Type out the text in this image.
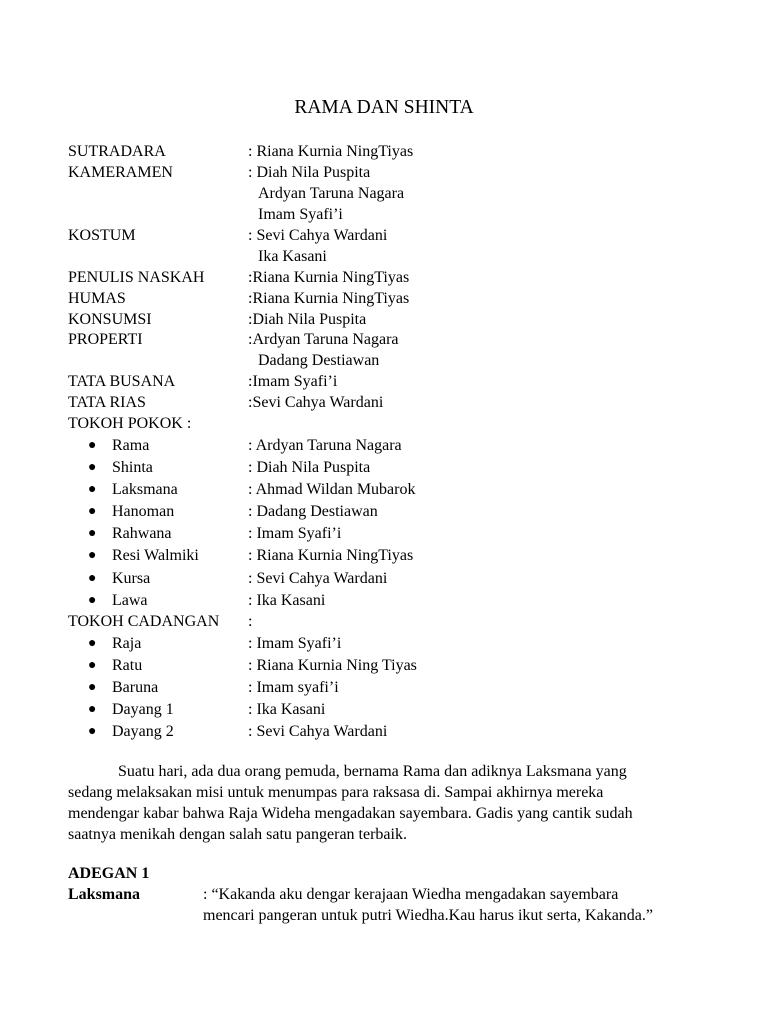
RAMA DAN SHINTA
SUTRADARA	: Riana Kurnia NingTiyas
KAMERAMEN	: Diah Nila Puspita
Ardyan Taruna Nagara
Imam Syafi’i
KOSTUM	: Sevi Cahya Wardani
Ika Kasani
PENULIS NASKAH	:Riana Kurnia NingTiyas
HUMAS	:Riana Kurnia NingTiyas
KONSUMSI	:Diah Nila Puspita
PROPERTI	:Ardyan Taruna Nagara
Dadang Destiawan
TATA BUSANA	:Imam Syafi’i
TATA RIAS	:Sevi Cahya Wardani
TOKOH POKOK :
● Rama	: Ardyan Taruna Nagara
● Shinta	: Diah Nila Puspita
● Laksmana	: Ahmad Wildan Mubarok
● Hanoman	: Dadang Destiawan
● Rahwana	: Imam Syafi’i
● Resi Walmiki	: Riana Kurnia NingTiyas
● Kursa	: Sevi Cahya Wardani
● Lawa	: Ika Kasani
TOKOH CADANGAN :
● Raja	: Imam Syafi’i
● Ratu	: Riana Kurnia Ning Tiyas
● Baruna	: Imam syafi’i
● Dayang 1	: Ika Kasani
● Dayang 2	: Sevi Cahya Wardani

Suatu hari, ada dua orang pemuda, bernama Rama dan adiknya Laksmana yang

sedang melaksakan misi untuk menumpas para raksasa di. Sampai akhirnya mereka

mendengar kabar bahwa Raja Wideha mengadakan sayembara. Gadis yang cantik sudah

saatnya menikah dengan salah satu pangeran terbaik.

ADEGAN 1
Laksmana	: “Kakanda aku dengar kerajaan Wiedha mengadakan sayembara

mencari pangeran untuk putri Wiedha.Kau harus ikut serta, Kakanda.”
